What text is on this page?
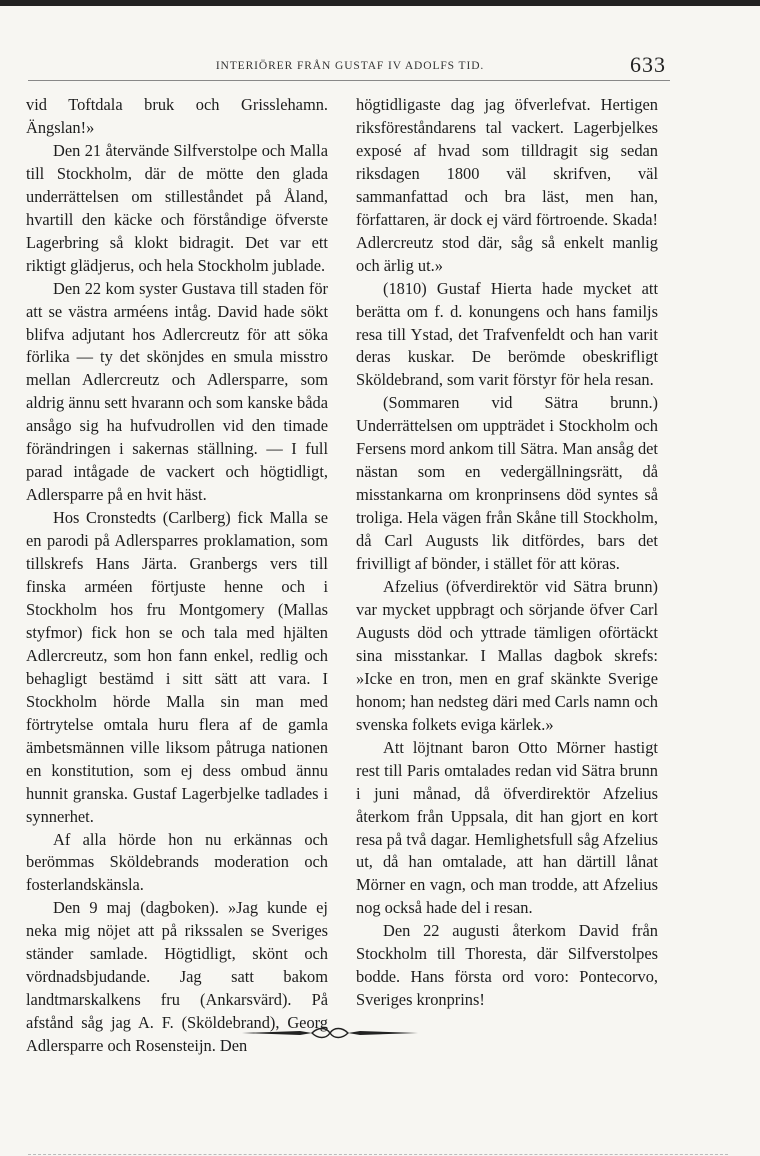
INTERIÖRER FRÅN GUSTAF IV ADOLFS TID.	633

vid Toftdala bruk och Grisslehamn. Ängslan!»

Den 21 återvände Silfverstolpe och Malla till Stockholm, där de mötte den glada underrättelsen om stilleståndet på Åland, hvartill den käcke och förståndige öfverste Lagerbring så klokt bidragit. Det var ett riktigt glädjerus, och hela Stockholm jublade.

Den 22 kom syster Gustava till staden för att se västra arméens intåg. David hade sökt blifva adjutant hos Adlercreutz för att söka förlika — ty det skönjdes en smula misstro mellan Adlercreutz och Adlersparre, som aldrig ännu sett hvarann och som kanske båda ansågo sig ha hufvudrollen vid den timade förändringen i sakernas ställning. — I full parad intågade de vackert och högtidligt, Adlersparre på en hvit häst.

Hos Cronstedts (Carlberg) fick Malla se en parodi på Adlersparres proklamation, som tillskrefs Hans Järta. Granbergs vers till finska arméen förtjuste henne och i Stockholm hos fru Montgomery (Mallas styfmor) fick hon se och tala med hjälten Adlercreutz, som hon fann enkel, redlig och behagligt bestämd i sitt sätt att vara. I Stockholm hörde Malla sin man med förtrytelse omtala huru flera af de gamla ämbetsmännen ville liksom påtruga nationen en konstitution, som ej dess ombud ännu hunnit granska. Gustaf Lagerbjelke tadlades i synnerhet.

Af alla hörde hon nu erkännas och berömmas Sköldebrands moderation och fosterlandskänsla.

Den 9 maj (dagboken). »Jag kunde ej neka mig nöjet att på rikssalen se Sveriges ständer samlade. Högtidligt, skönt och vördnadsbjudande. Jag satt bakom landtmarskalkens fru (Ankarsvärd). På afstånd såg jag A. F. (Sköldebrand), Georg Adlersparre och Rosensteijn. Den

högtidligaste dag jag öfverlefvat. Hertigen riksföreståndarens tal vackert. Lagerbjelkes exposé af hvad som tilldragit sig sedan riksdagen 1800 väl skrifven, väl sammanfattad och bra läst, men han, författaren, är dock ej värd förtroende. Skada! Adlercreutz stod där, såg så enkelt manlig och ärlig ut.»

(1810) Gustaf Hierta hade mycket att berätta om f. d. konungens och hans familjs resa till Ystad, det Trafvenfeldt och han varit deras kuskar. De berömde obeskrifligt Sköldebrand, som varit förstyr för hela resan.

(Sommaren vid Sätra brunn.) Underrättelsen om uppträdet i Stockholm och Fersens mord ankom till Sätra. Man ansåg det nästan som en vedergällningsrätt, då misstankarna om kronprinsens död syntes så troliga. Hela vägen från Skåne till Stockholm, då Carl Augusts lik ditfördes, bars det frivilligt af bönder, i stället för att köras.

Afzelius (öfverdirektör vid Sätra brunn) var mycket uppbragt och sörjande öfver Carl Augusts död och yttrade tämligen oförtäckt sina misstankar. I Mallas dagbok skrefs: »Icke en tron, men en graf skänkte Sverige honom; han nedsteg däri med Carls namn och svenska folkets eviga kärlek.»

Att löjtnant baron Otto Mörner hastigt rest till Paris omtalades redan vid Sätra brunn i juni månad, då öfverdirektör Afzelius återkom från Uppsala, dit han gjort en kort resa på två dagar. Hemlighetsfull såg Afzelius ut, då han omtalade, att han därtill lånat Mörner en vagn, och man trodde, att Afzelius nog också hade del i resan.

Den 22 augusti återkom David från Stockholm till Thoresta, där Silfverstolpes bodde. Hans första ord voro: Pontecorvo, Sveriges kronprins!
